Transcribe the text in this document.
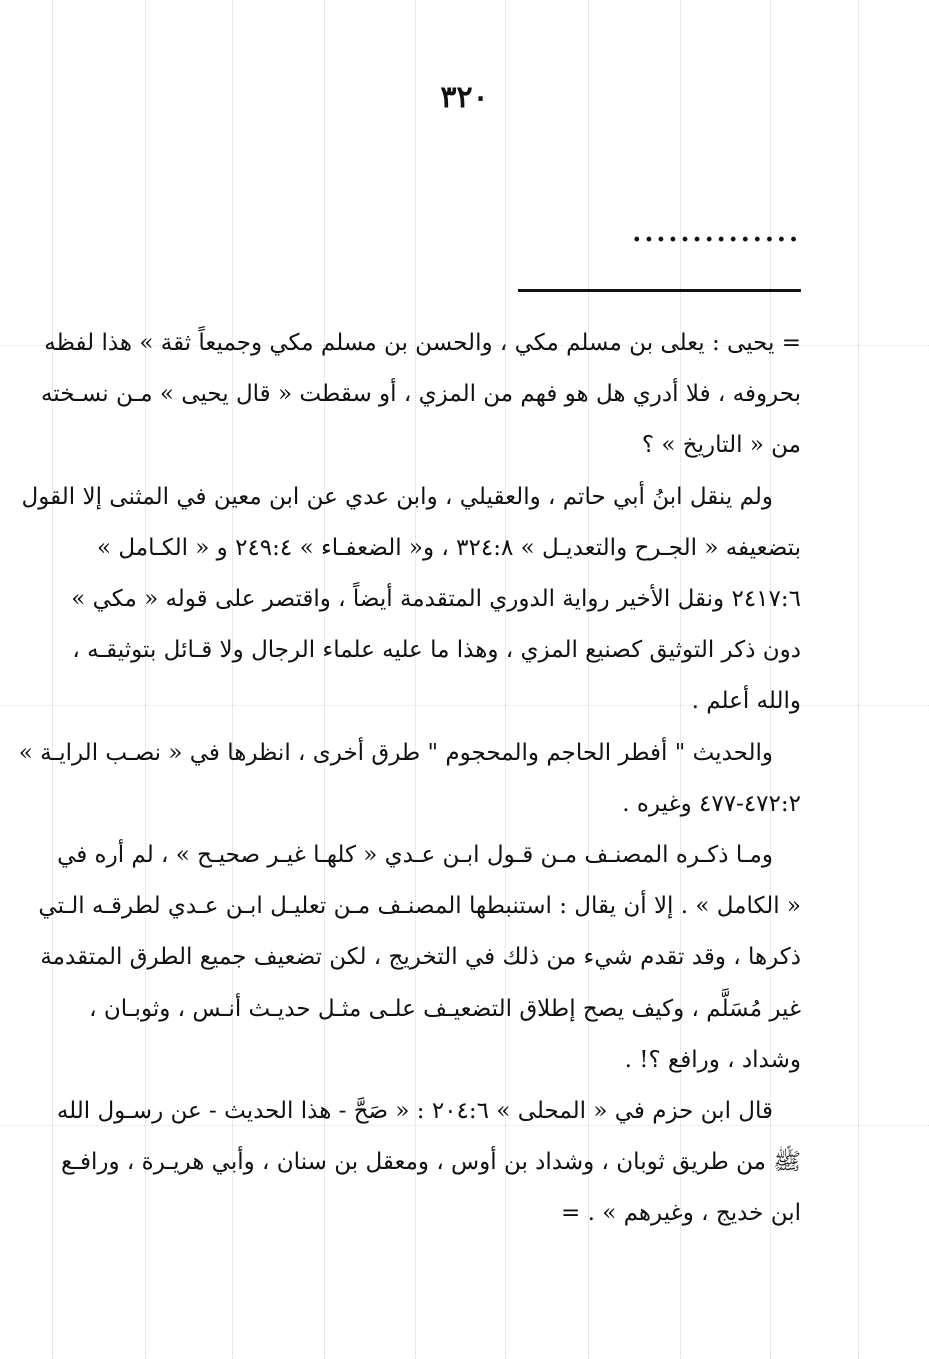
٣٢٠
..............
= يحيى : يعلى بن مسلم مكي ، والحسن بن مسلم مكي وجميعاً ثقة » هذا لفظه
بحروفه ، فلا أدري هل هو فهم من المزي ، أو سقطت « قال يحيى » مـن نسـخته
من « التاريخ » ؟
ولم ينقل ابنُ أبي حاتم ، والعقيلي ، وابن عدي عن ابن معين في المثنى إلا القول
بتضعيفه « الجـرح والتعديـل » ٣٢٤:٨ ، و« الضعفـاء » ٢٤٩:٤ و « الكـامل »
٢٤١٧:٦ ونقل الأخير رواية الدوري المتقدمة أيضاً ، واقتصر على قوله « مكي »
دون ذكر التوثيق كصنيع المزي ، وهذا ما عليه علماء الرجال ولا قـائل بتوثيقـه ،
والله أعلم .
والحديث " أفطر الحاجم والمحجوم " طرق أخرى ، انظرها في « نصـب الرايـة »
٤٧٢:٢-٤٧٧ وغيره .
ومـا ذكـره المصنـف مـن قـول ابـن عـدي « كلهـا غيـر صحيـح » ، لم أره في
« الكامل » . إلا أن يقال : استنبطها المصنـف مـن تعليـل ابـن عـدي لطرقـه الـتي
ذكرها ، وقد تقدم شيء من ذلك في التخريج ، لكن تضعيف جميع الطرق المتقدمة
غير مُسَلَّم ، وكيف يصح إطلاق التضعيـف علـى مثـل حديـث أنـس ، وثوبـان ،
وشداد ، ورافع ؟! .
قال ابن حزم في « المحلى » ٢٠٤:٦ : « صَحَّ - هذا الحديث - عن رسـول الله
ﷺ من طريق ثوبان ، وشداد بن أوس ، ومعقل بن سنان ، وأبي هريـرة ، ورافـع
ابن خديج ، وغيرهم » . =
